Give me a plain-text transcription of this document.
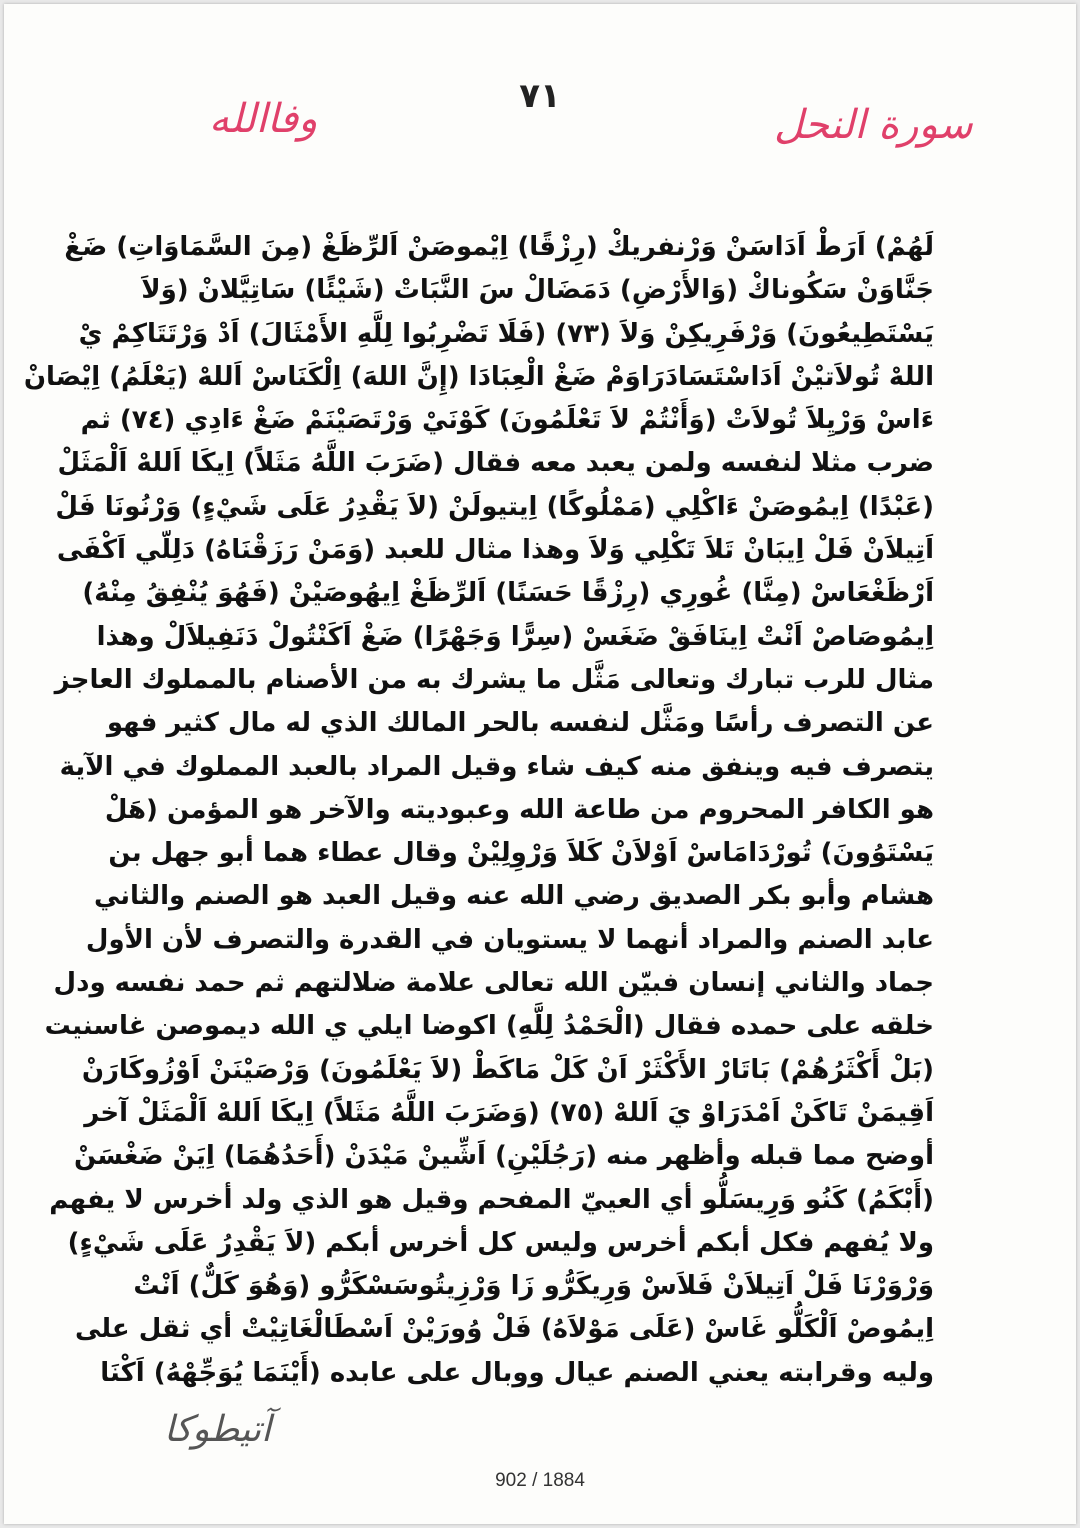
٧١
وفاالله	سورة النحل
لَهُمْ) اَرَطْ اَدَاسَنْ وَرْنفريكْ (رِزْقًا) اِيْموصَنْ اَلرِّظَغْ (مِنَ السَّمَاوَاتِ) ضَغْ
جَنَّاوَنْ سَكُوناكْ (وَالأَرْضِ) دَمَضَالْ سَ النَّبَاتْ (شَيْئًا) سَاتِيَّلانْ (وَلاَ
يَسْتَطِيعُونَ) وَرْفَرِيكِنْ وَلاَ (٧٣) (فَلَا تَضْرِبُوا لِلَّهِ الأَمْثَالَ) اَدْ وَرْتَتَاكِمْ يْ
اللهْ تُولاَتيْنْ اَدَاسْتَسَادَرَاوَمْ ضَغْ الْعِبَادَا (إِنَّ اللهَ) اِلْكَنَاسْ اَللهْ (يَعْلَمُ) اِيْصَانْ
ءَاسْ وَرْيِلاَ تُولاَتْ (وَأَنْتُمْ لاَ تَعْلَمُونَ) كَوْنَيْ وَرْتَصَيْنَمْ ضَغْ ءَادِي (٧٤) ثم
ضرب مثلا لنفسه ولمن يعبد معه فقال (ضَرَبَ اللَّهُ مَثَلاً) اِيكَا اَللهْ اَلْمَثَلْ
(عَبْدًا) اِيمُوصَنْ ءَاكْلِي (مَمْلُوكًا) اِيتيولَنْ (لاَ يَقْدِرُ عَلَى شَيْءٍ) وَرْنُونَا فَلْ
اَتِيلاَنْ فَلْ اِيبَانْ تَلاَ تَكْلِي وَلاَ وهذا مثال للعبد (وَمَنْ رَزَقْنَاهُ) دَلِلّي اَكْفَى
اَرْظَغْعَاسْ (مِنَّا) غُورِي (رِزْقًا حَسَنًا) اَلرِّظَغْ اِيهُوصَيْنْ (فَهُوَ يُنْفِقُ مِنْهُ)
اِيمُوصَاصْ اَنْتْ اِينَافَقْ ضَغَسْ (سِرًّا وَجَهْرًا) ضَغْ اَكَنْتُولْ دَنَفِيلاَلْ وهذا
مثال للرب تبارك وتعالى مَثَّل ما يشرك به من الأصنام بالمملوك العاجز
عن التصرف رأسًا ومَثَّل لنفسه بالحر المالك الذي له مال كثير فهو
يتصرف فيه وينفق منه كيف شاء وقيل المراد بالعبد المملوك في الآية
هو الكافر المحروم من طاعة الله وعبوديته والآخر هو المؤمن (هَلْ
يَسْتَوُونَ) تُورْدَامَاسْ اَوْلاَنْ كَلاَ وَرْوِلِيْنْ وقال عطاء هما أبو جهل بن
هشام وأبو بكر الصديق رضي الله عنه وقيل العبد هو الصنم والثاني
عابد الصنم والمراد أنهما لا يستويان في القدرة والتصرف لأن الأول
جماد والثاني إنسان فبيّن الله تعالى علامة ضلالتهم ثم حمد نفسه ودل
خلقه على حمده فقال (الْحَمْدُ لِلَّهِ) اكوضا ايلي ي الله ديموصن غاسنيت
(بَلْ أَكْثَرُهُمْ) بَاتَارْ الأَكْثَرْ اَنْ كَلْ مَاكَطْ (لاَ يَعْلَمُونَ) وَرْصَيْنَنْ اَوْزُوكَارَنْ
اَقِيمَنْ تَاكَنْ اَمْدَرَاوْ يَ اَللهْ (٧٥) (وَضَرَبَ اللَّهُ مَثَلاً) اِيكَا اَللهْ اَلْمَثَلْ آخر
أوضح مما قبله وأظهر منه (رَجُلَيْنِ) اَشِّينْ مَيْدَنْ (أَحَدُهُمَا) اِيَنْ ضَغْسَنْ
(أَبْكَمُ) كَنُو وَرِيسَلُّو أي العييّ المفحم وقيل هو الذي ولد أخرس لا يفهم
ولا يُفهم فكل أبكم أخرس وليس كل أخرس أبكم (لاَ يَقْدِرُ عَلَى شَيْءٍ)
وَرْوَرْنَا فَلْ اَتِيلاَنْ فَلاَسْ وَرِيكَرُّو زَا وَرْزِيتُوسَسْكَرُّو (وَهُوَ كَلٌّ) اَنْتْ
اِيمُوصْ اَلْكَلُّو غَاسْ (عَلَى مَوْلاَهُ) فَلْ وُورَيْنْ اَسْطَالْغَاتِيْتْ أي ثقل على
وليه وقرابته يعني الصنم عيال ووبال على عابده (أَيْنَمَا يُوَجِّهْهُ) اَكْنَا
آتيطوكا
902 / 1884
